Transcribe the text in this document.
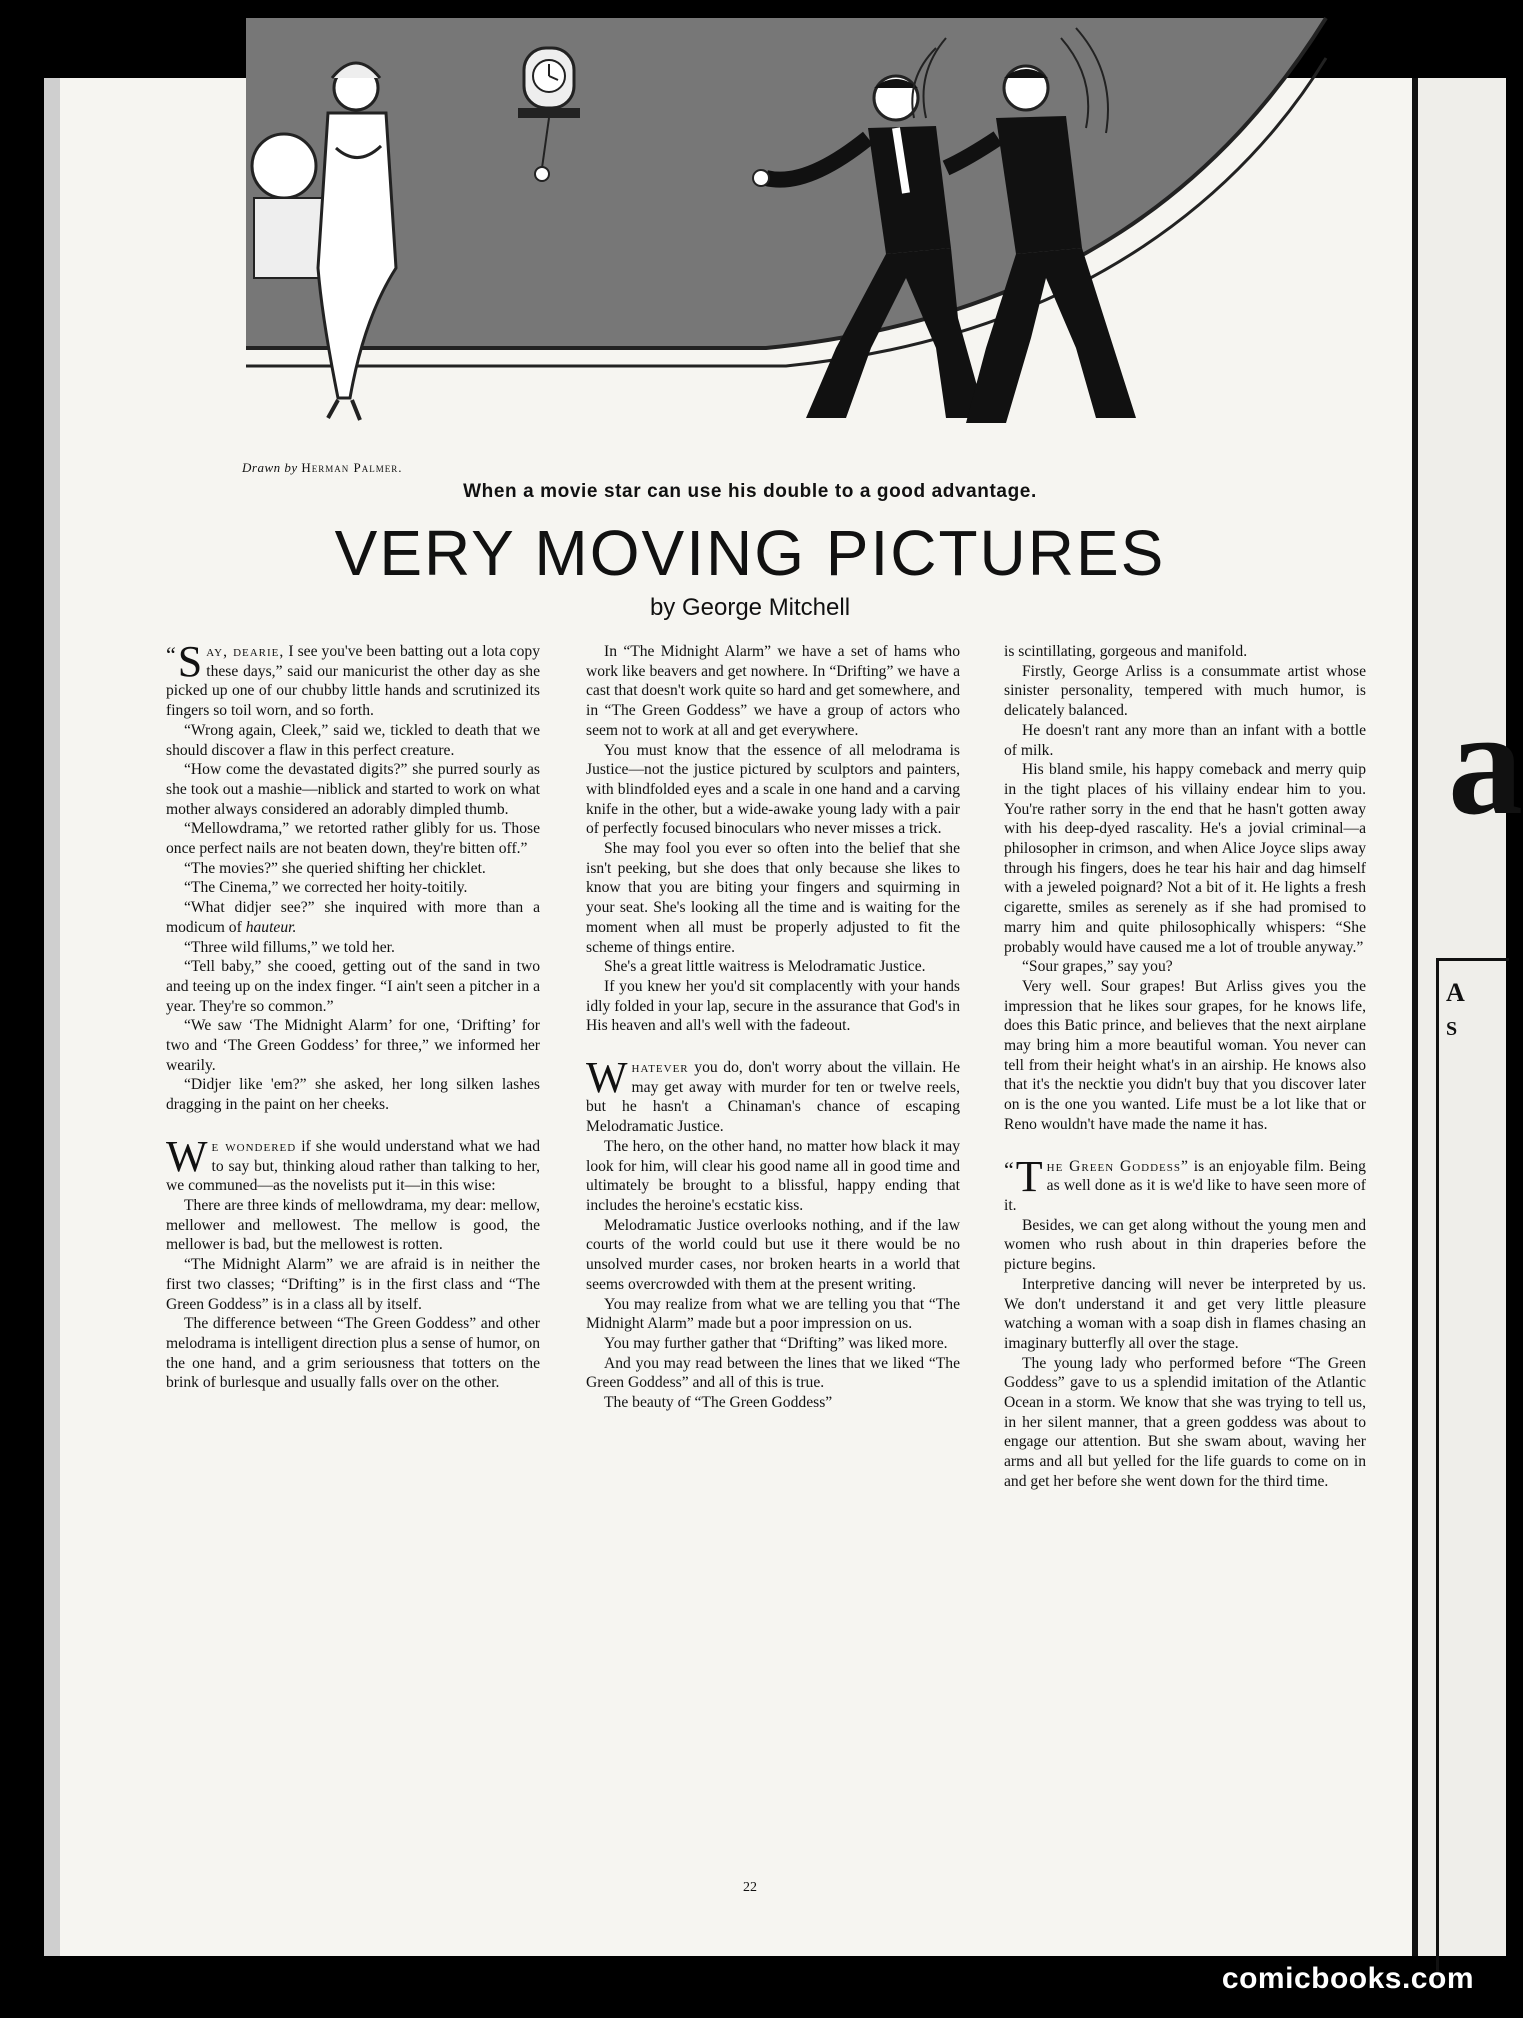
a
A
S
Drawn by Herman Palmer.
When a movie star can use his double to a good advantage.
VERY MOVING PICTURES
by George Mitchell

“ S ay, dearie, I see you've been batting out a lota copy these days,” said our manicurist the other day as she picked up one of our chubby little hands and scrutinized its fingers so toil worn, and so forth.

“Wrong again, Cleek,” said we, tickled to death that we should discover a flaw in this perfect creature.

“How come the devastated digits?” she purred sourly as she took out a mashie—niblick and started to work on what mother always considered an adorably dimpled thumb.

“Mellowdrama,” we retorted rather glibly for us. Those once perfect nails are not beaten down, they're bitten off.”

“The movies?” she queried shifting her chicklet.

“The Cinema,” we corrected her hoity-toitily.

“What didjer see?” she inquired with more than a modicum of hauteur.

“Three wild fillums,” we told her.

“Tell baby,” she cooed, getting out of the sand in two and teeing up on the index finger. “I ain't seen a pitcher in a year. They're so common.”

“We saw ‘The Midnight Alarm’ for one, ‘Drifting’ for two and ‘The Green Goddess’ for three,” we informed her wearily.

“Didjer like 'em?” she asked, her long silken lashes dragging in the paint on her cheeks.

We wondered if she would understand what we had to say but, thinking aloud rather than talking to her, we communed—as the novelists put it—in this wise:

There are three kinds of mellowdrama, my dear: mellow, mellower and mellowest. The mellow is good, the mellower is bad, but the mellowest is rotten.

“The Midnight Alarm” we are afraid is in neither the first two classes; “Drifting” is in the first class and “The Green Goddess” is in a class all by itself.

The difference between “The Green Goddess” and other melodrama is intelligent direction plus a sense of humor, on the one hand, and a grim seriousness that totters on the brink of burlesque and usually falls over on the other.

In “The Midnight Alarm” we have a set of hams who work like beavers and get nowhere. In “Drifting” we have a cast that doesn't work quite so hard and get somewhere, and in “The Green Goddess” we have a group of actors who seem not to work at all and get everywhere.

You must know that the essence of all melodrama is Justice—not the justice pictured by sculptors and painters, with blindfolded eyes and a scale in one hand and a carving knife in the other, but a wide-awake young lady with a pair of perfectly focused binoculars who never misses a trick.

She may fool you ever so often into the belief that she isn't peeking, but she does that only because she likes to know that you are biting your fingers and squirming in your seat. She's looking all the time and is waiting for the moment when all must be properly adjusted to fit the scheme of things entire.

She's a great little waitress is Melodramatic Justice.

If you knew her you'd sit complacently with your hands idly folded in your lap, secure in the assurance that God's in His heaven and all's well with the fadeout.

Whatever you do, don't worry about the villain. He may get away with murder for ten or twelve reels, but he hasn't a Chinaman's chance of escaping Melodramatic Justice.

The hero, on the other hand, no matter how black it may look for him, will clear his good name all in good time and ultimately be brought to a blissful, happy ending that includes the heroine's ecstatic kiss.

Melodramatic Justice overlooks nothing, and if the law courts of the world could but use it there would be no unsolved murder cases, nor broken hearts in a world that seems overcrowded with them at the present writing.

You may realize from what we are telling you that “The Midnight Alarm” made but a poor impression on us.

You may further gather that “Drifting” was liked more.

And you may read between the lines that we liked “The Green Goddess” and all of this is true.

The beauty of “The Green Goddess”

is scintillating, gorgeous and manifold.

Firstly, George Arliss is a consummate artist whose sinister personality, tempered with much humor, is delicately balanced.

He doesn't rant any more than an infant with a bottle of milk.

His bland smile, his happy comeback and merry quip in the tight places of his villainy endear him to you. You're rather sorry in the end that he hasn't gotten away with his deep-dyed rascality. He's a jovial criminal—a philosopher in crimson, and when Alice Joyce slips away through his fingers, does he tear his hair and dag himself with a jeweled poignard? Not a bit of it. He lights a fresh cigarette, smiles as serenely as if she had promised to marry him and quite philosophically whispers: “She probably would have caused me a lot of trouble anyway.”

“Sour grapes,” say you?

Very well. Sour grapes! But Arliss gives you the impression that he likes sour grapes, for he knows life, does this Batic prince, and believes that the next airplane may bring him a more beautiful woman. You never can tell from their height what's in an airship. He knows also that it's the necktie you didn't buy that you discover later on is the one you wanted. Life must be a lot like that or Reno wouldn't have made the name it has.

“ T he Green Goddess” is an enjoyable film. Being as well done as it is we'd like to have seen more of it.

Besides, we can get along without the young men and women who rush about in thin draperies before the picture begins.

Interpretive dancing will never be interpreted by us. We don't understand it and get very little pleasure watching a woman with a soap dish in flames chasing an imaginary butterfly all over the stage.

The young lady who performed before “The Green Goddess” gave to us a splendid imitation of the Atlantic Ocean in a storm. We know that she was trying to tell us, in her silent manner, that a green goddess was about to engage our attention. But she swam about, waving her arms and all but yelled for the life guards to come on in and get her before she went down for the third time.

22
comicbooks.com
